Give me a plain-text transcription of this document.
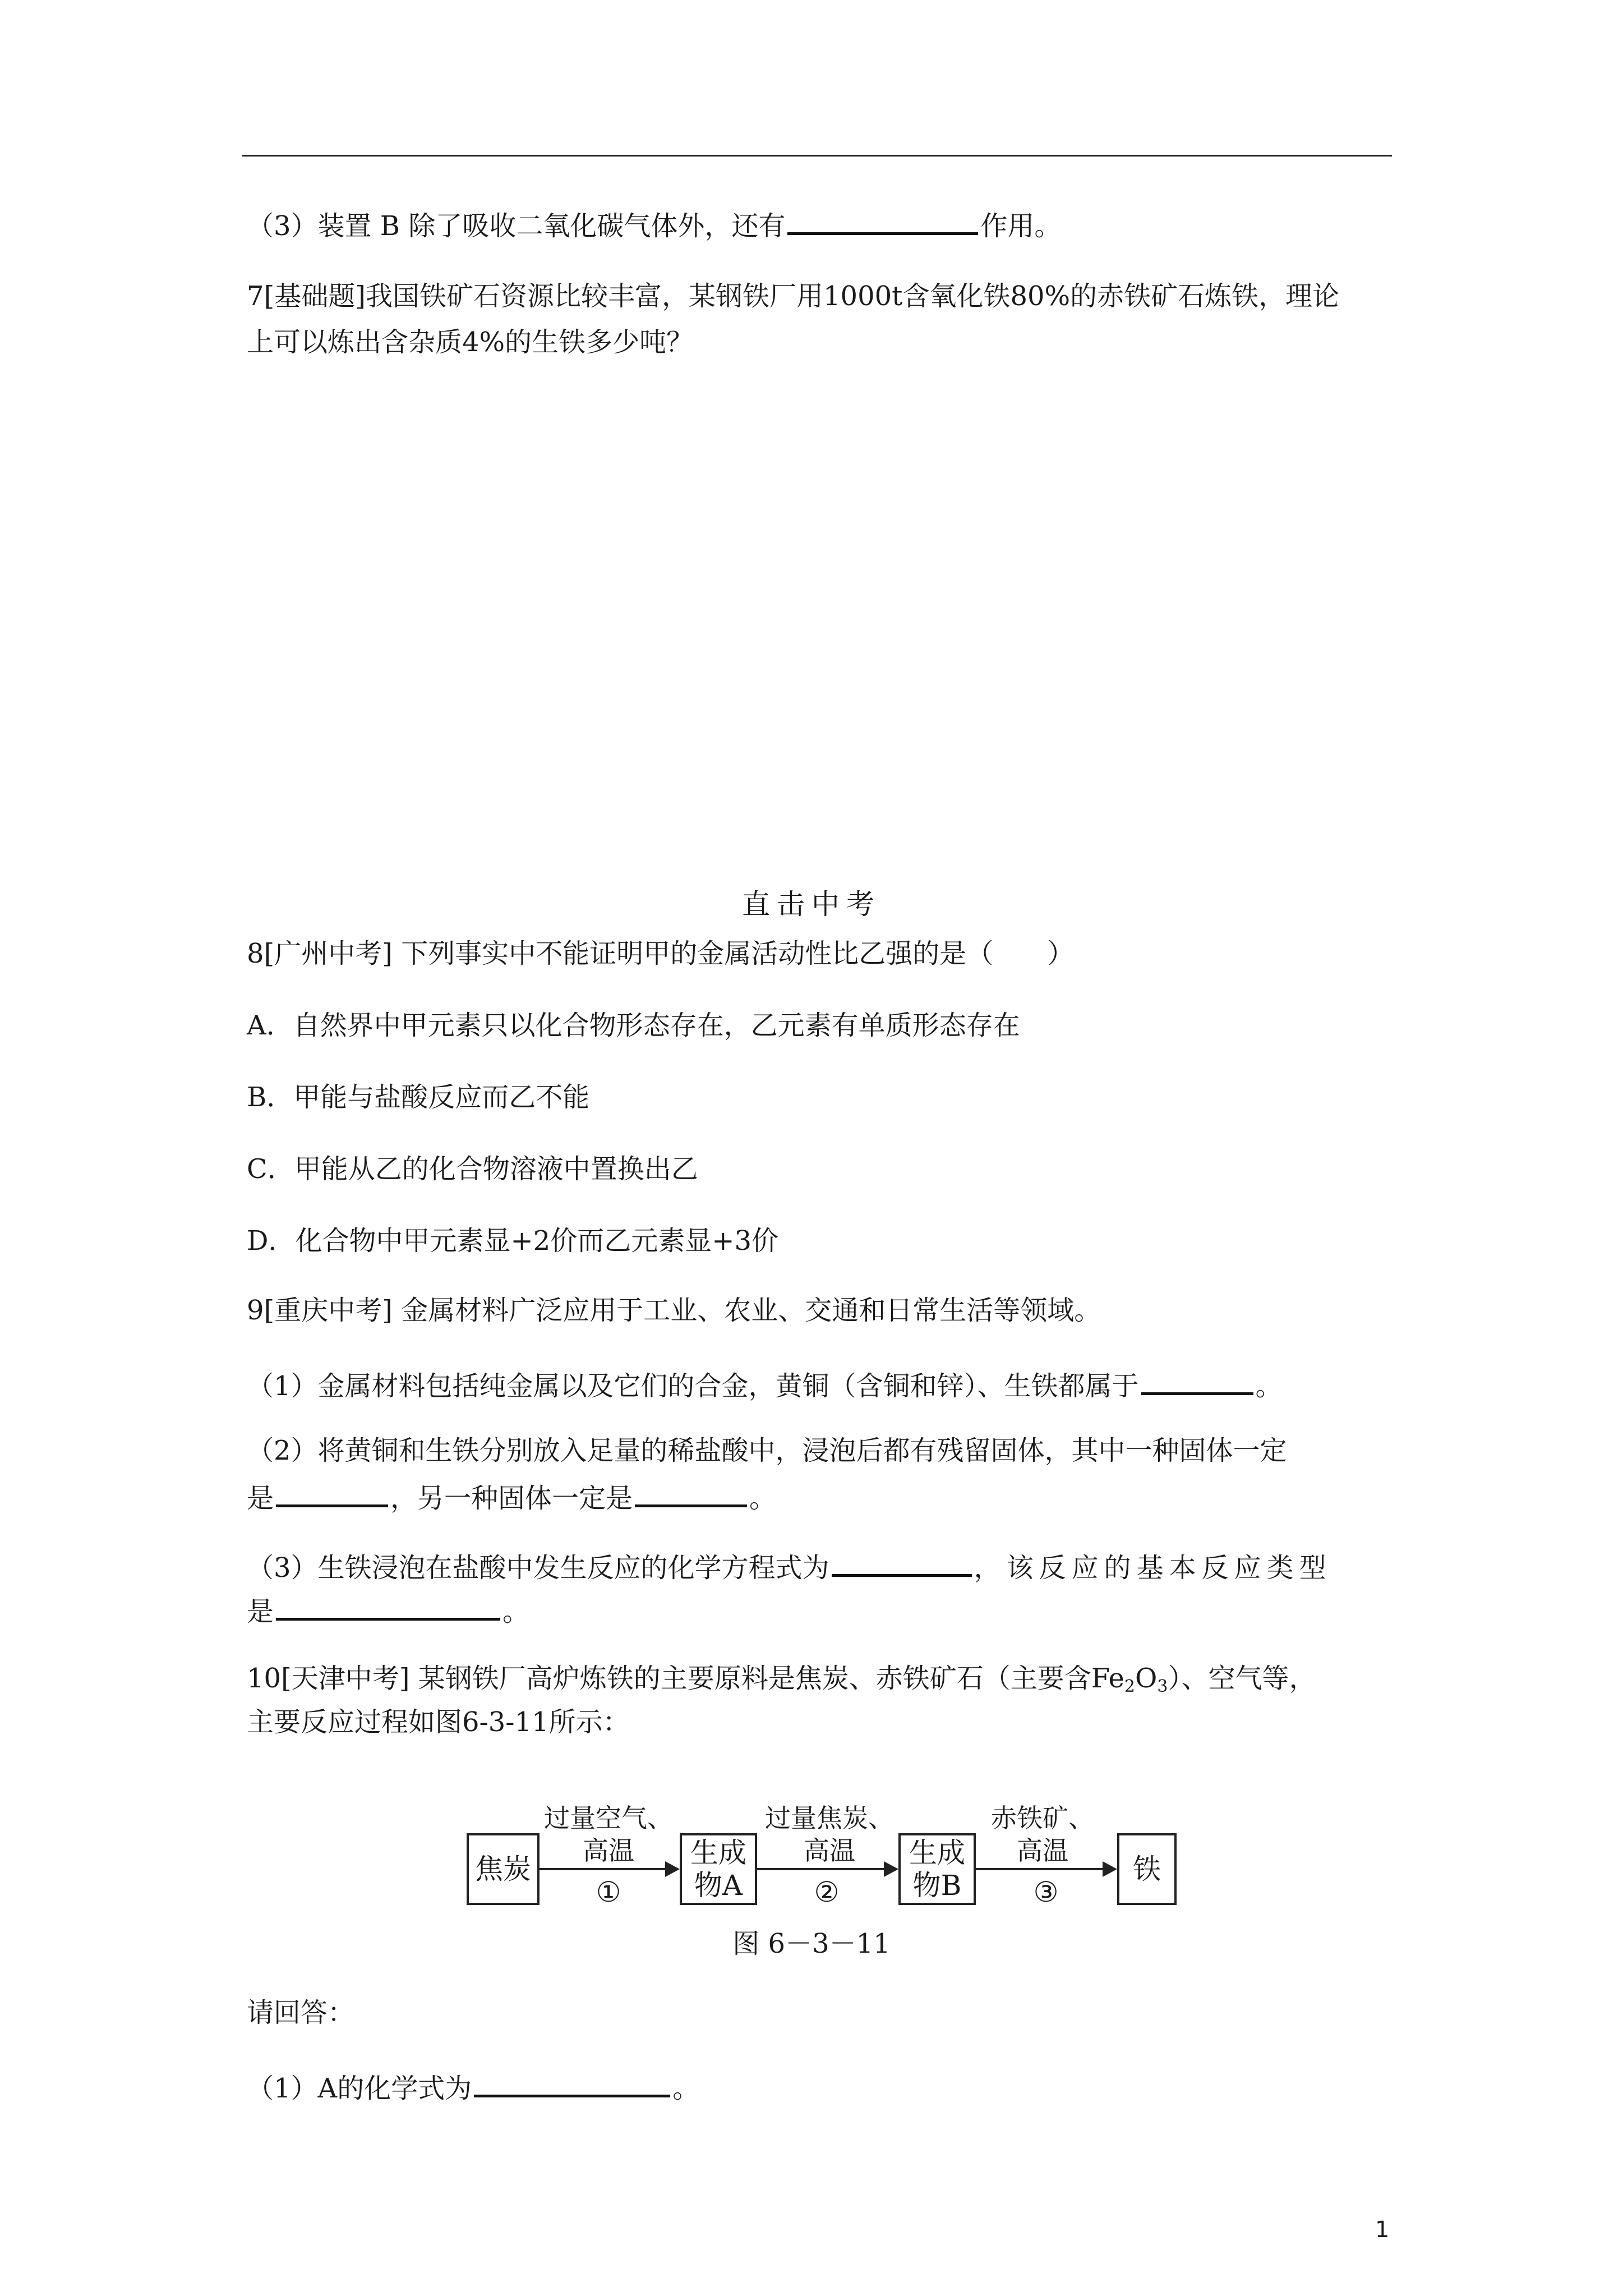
（3）装置 B 除了吸收二氧化碳气体外，还有	作用。
7[基础题]我国铁矿石资源比较丰富，某钢铁厂用1000t含氧化铁80%的赤铁矿石炼铁，理论
上可以炼出含杂质4%的生铁多少吨？
直击中考
8[广州中考] 下列事实中不能证明甲的金属活动性比乙强的是（　　）
A．自然界中甲元素只以化合物形态存在，乙元素有单质形态存在
B．甲能与盐酸反应而乙不能
C．甲能从乙的化合物溶液中置换出乙
D．化合物中甲元素显+2价而乙元素显+3价
9[重庆中考] 金属材料广泛应用于工业、农业、交通和日常生活等领域。
（1）金属材料包括纯金属以及它们的合金，黄铜（含铜和锌）、生铁都属于	。
（2）将黄铜和生铁分别放入足量的稀盐酸中，浸泡后都有残留固体，其中一种固体一定
是	，另一种固体一定是	。
（3）生铁浸泡在盐酸中发生反应的化学方程式为	，该反应的基本反应类型
是	。
10[天津中考] 某钢铁厂高炉炼铁的主要原料是焦炭、赤铁矿石（主要含$Fe_2O_3$）、空气等，
主要反应过程如图6-3-11所示：
焦炭	生成
物A
生成
物B	铁
过量空气、
高温
过量焦炭、
高温
赤铁矿、
高温
①	②	③
图 6－3－11
请回答：
（1）A的化学式为	。
1
